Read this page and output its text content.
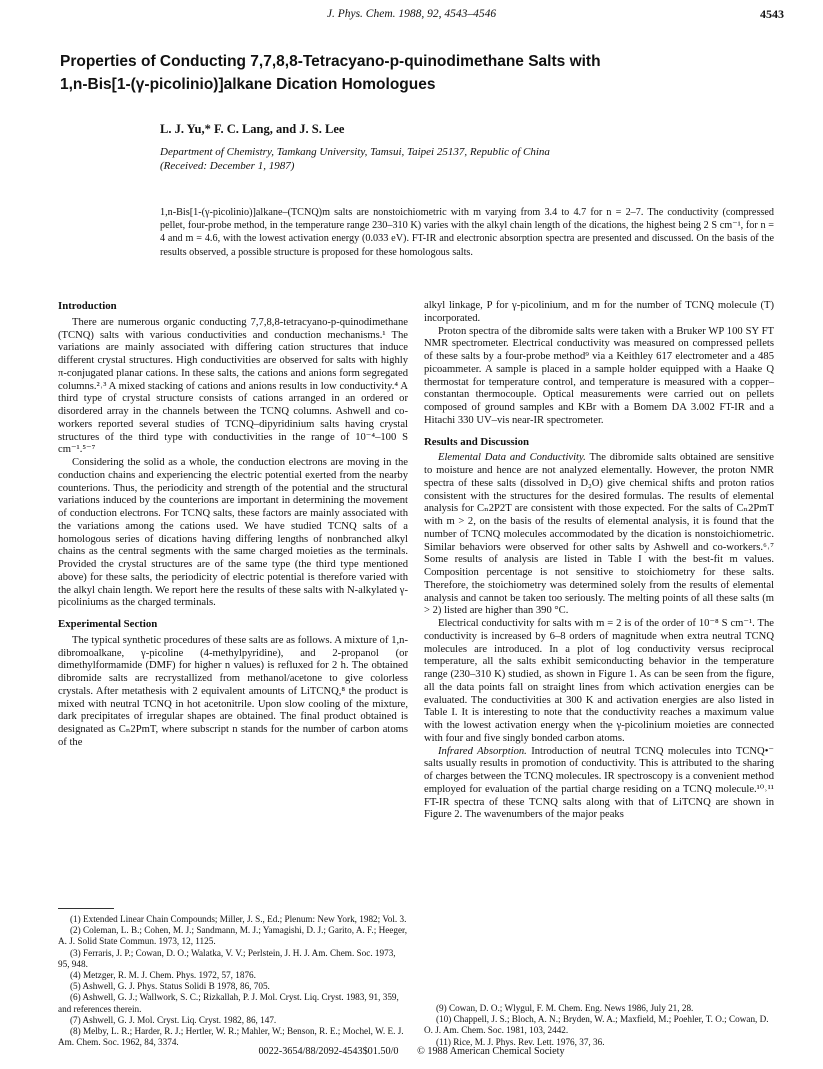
J. Phys. Chem. 1988, 92, 4543–4546	4543
Properties of Conducting 7,7,8,8-Tetracyano-p-quinodimethane Salts with
1,n-Bis[1-(γ-picolinio)]alkane Dication Homologues
L. J. Yu,* F. C. Lang, and J. S. Lee
Department of Chemistry, Tamkang University, Tamsui, Taipei 25137, Republic of China
(Received: December 1, 1987)
1,n-Bis[1-(γ-picolinio)]alkane–(TCNQ)m salts are nonstoichiometric with m varying from 3.4 to 4.7 for n = 2–7. The conductivity (compressed pellet, four-probe method, in the temperature range 230–310 K) varies with the alkyl chain length of the dications, the highest being 2 S cm⁻¹, for n = 4 and m = 4.6, with the lowest activation energy (0.033 eV). FT-IR and electronic absorption spectra are presented and discussed. On the basis of the results observed, a possible structure is proposed for these homologous salts.
Introduction

There are numerous organic conducting 7,7,8,8-tetracyano-p-quinodimethane (TCNQ) salts with various conductivities and conduction mechanisms.¹ The variations are mainly associated with differing cation structures that induce different crystal structures. High conductivities are observed for salts with highly π-conjugated planar cations. In these salts, the cations and anions form segregated columns.²˒³ A mixed stacking of cations and anions results in low conductivity.⁴ A third type of crystal structure consists of cations arranged in an ordered or disordered array in the channels between the TCNQ columns. Ashwell and co-workers reported several studies of TCNQ–dipyridinium salts having crystal structures of the third type with conductivities in the range of 10⁻⁴–100 S cm⁻¹.⁵⁻⁷

Considering the solid as a whole, the conduction electrons are moving in the conduction chains and experiencing the electric potential exerted from the nearby counterions. Thus, the periodicity and strength of the potential and the structural variations induced by the counterions are important in determining the movement of conduction electrons. For TCNQ salts, these factors are mainly associated with the variations among the cations used. We have studied TCNQ salts of a homologous series of dications having differing lengths of nonbranched alkyl chains as the central segments with the same charged moieties as the terminals. Provided the crystal structures are of the same type (the third type mentioned above) for these salts, the periodicity of electric potential is therefore varied with the alkyl chain length. We report here the results of these salts with N-alkylated γ-picoliniums as the charged terminals.

Experimental Section

The typical synthetic procedures of these salts are as follows. A mixture of 1,n-dibromoalkane, γ-picoline (4-methylpyridine), and 2-propanol (or dimethylformamide (DMF) for higher n values) is refluxed for 2 h. The obtained dibromide salts are recrystallized from methanol/acetone to give colorless crystals. After metathesis with 2 equivalent amounts of LiTCNQ,⁸ the product is mixed with neutral TCNQ in hot acetonitrile. Upon slow cooling of the mixture, dark precipitates of irregular shapes are obtained. The final product obtained is designated as Cₙ2PmT, where subscript n stands for the number of carbon atoms of the

alkyl linkage, P for γ-picolinium, and m for the number of TCNQ molecule (T) incorporated.

Proton spectra of the dibromide salts were taken with a Bruker WP 100 SY FT NMR spectrometer. Electrical conductivity was measured on compressed pellets of these salts by a four-probe method⁹ via a Keithley 617 electrometer and a 485 picoammeter. A sample is placed in a sample holder equipped with a Haake Q thermostat for temperature control, and temperature is measured with a copper–constantan thermocouple. Optical measurements were carried out on pellets composed of ground samples and KBr with a Bomem DA 3.002 FT-IR and a Hitachi 330 UV–vis near-IR spectrometer.

Results and Discussion

Elemental Data and Conductivity. The dibromide salts obtained are sensitive to moisture and hence are not analyzed elementally. However, the proton NMR spectra of these salts (dissolved in D₂O) give chemical shifts and proton ratios consistent with the structures for the desired formulas. The results of elemental analysis for Cₙ2P2T are consistent with those expected. For the salts of Cₙ2PmT with m > 2, on the basis of the results of elemental analysis, it is found that the number of TCNQ molecules accommodated by the dication is nonstoichiometric. Similar behaviors were observed for other salts by Ashwell and co-workers.⁶˒⁷ Some results of analysis are listed in Table I with the best-fit m values. Composition percentage is not sensitive to stoichiometry for these salts. Therefore, the stoichiometry was determined solely from the results of elemental analysis and cannot be taken too seriously. The melting points of all these salts (m > 2) listed are higher than 390 °C.

Electrical conductivity for salts with m = 2 is of the order of 10⁻⁸ S cm⁻¹. The conductivity is increased by 6–8 orders of magnitude when extra neutral TCNQ molecules are introduced. In a plot of log conductivity versus reciprocal temperature, all the salts exhibit semiconducting behavior in the temperature range (230–310 K) studied, as shown in Figure 1. As can be seen from the figure, all the data points fall on straight lines from which activation energies can be evaluated. The conductivities at 300 K and activation energies are also listed in Table I. It is interesting to note that the conductivity reaches a maximum value with the lowest activation energy when the γ-picolinium moieties are connected with four and five singly bonded carbon atoms.

Infrared Absorption. Introduction of neutral TCNQ molecules into TCNQ•⁻ salts usually results in promotion of conductivity. This is attributed to the sharing of charges between the TCNQ molecules. IR spectroscopy is a convenient method employed for evaluation of the partial charge residing on a TCNQ molecule.¹⁰˒¹¹ FT-IR spectra of these TCNQ salts along with that of LiTCNQ are shown in Figure 2. The wavenumbers of the major peaks

(1) Extended Linear Chain Compounds; Miller, J. S., Ed.; Plenum: New York, 1982; Vol. 3.
(2) Coleman, L. B.; Cohen, M. J.; Sandmann, M. J.; Yamagishi, D. J.; Garito, A. F.; Heeger, A. J. Solid State Commun. 1973, 12, 1125.
(3) Ferraris, J. P.; Cowan, D. O.; Walatka, V. V.; Perlstein, J. H. J. Am. Chem. Soc. 1973, 95, 948.
(4) Metzger, R. M. J. Chem. Phys. 1972, 57, 1876.
(5) Ashwell, G. J. Phys. Status Solidi B 1978, 86, 705.
(6) Ashwell, G. J.; Wallwork, S. C.; Rizkallah, P. J. Mol. Cryst. Liq. Cryst. 1983, 91, 359, and references therein.
(7) Ashwell, G. J. Mol. Cryst. Liq. Cryst. 1982, 86, 147.
(8) Melby, L. R.; Harder, R. J.; Hertler, W. R.; Mahler, W.; Benson, R. E.; Mochel, W. E. J. Am. Chem. Soc. 1962, 84, 3374.
(9) Cowan, D. O.; Wlygul, F. M. Chem. Eng. News 1986, July 21, 28.
(10) Chappell, J. S.; Bloch, A. N.; Bryden, W. A.; Maxfield, M.; Poehler, T. O.; Cowan, D. O. J. Am. Chem. Soc. 1981, 103, 2442.
(11) Rice, M. J. Phys. Rev. Lett. 1976, 37, 36.
0022-3654/88/2092-4543$01.50/0 © 1988 American Chemical Society
